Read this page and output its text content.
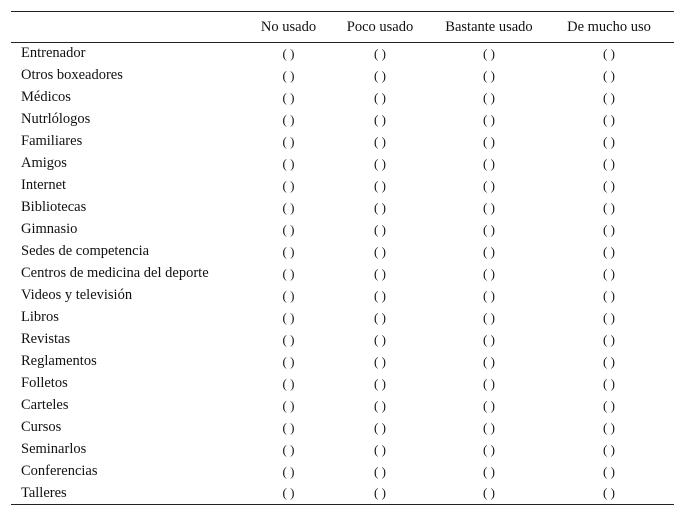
	No usado	Poco usado	Bastante usado	De mucho uso
Entrenador	( )	( )	( )	( )
Otros boxeadores	( )	( )	( )	( )
Médicos	( )	( )	( )	( )
Nutrlólogos	( )	( )	( )	( )
Familiares	( )	( )	( )	( )
Amigos	( )	( )	( )	( )
Internet	( )	( )	( )	( )
Bibliotecas	( )	( )	( )	( )
Gimnasio	( )	( )	( )	( )
Sedes de competencia	( )	( )	( )	( )
Centros de medicina del deporte	( )	( )	( )	( )
Videos y televisión	( )	( )	( )	( )
Libros	( )	( )	( )	( )
Revistas	( )	( )	( )	( )
Reglamentos	( )	( )	( )	( )
Folletos	( )	( )	( )	( )
Carteles	( )	( )	( )	( )
Cursos	( )	( )	( )	( )
Seminarlos	( )	( )	( )	( )
Conferencias	( )	( )	( )	( )
Talleres	( )	( )	( )	( )
